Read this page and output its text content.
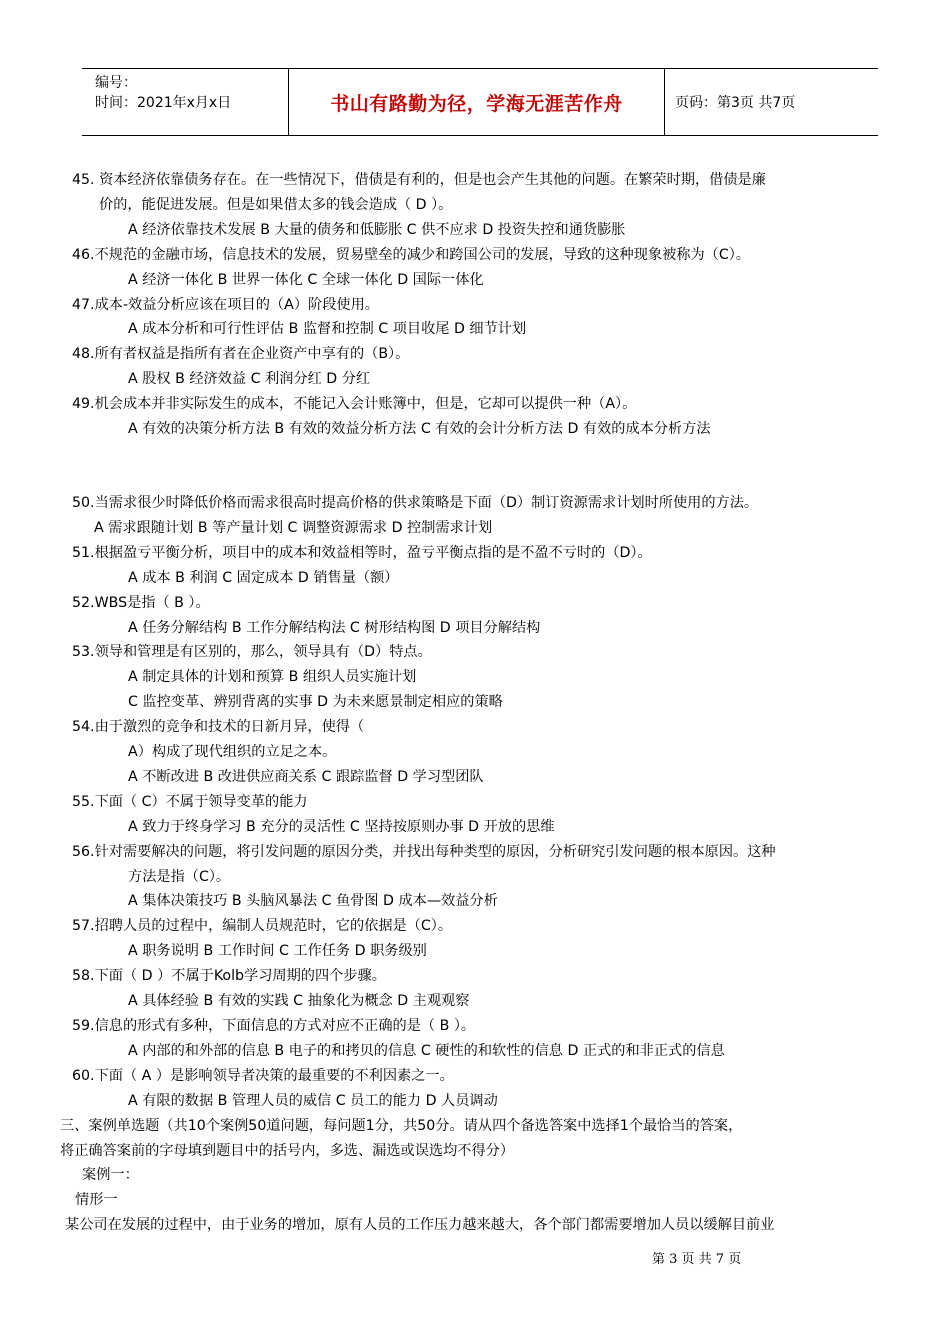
编号：
时间：2021年x月x日	书山有路勤为径，学海无涯苦作舟	页码：第3页 共7页
45. 资本经济依靠债务存在。在一些情况下，借债是有利的，但是也会产生其他的问题。在繁荣时期，借债是廉
价的，能促进发展。但是如果借太多的钱会造成（ D ）。
A 经济依靠技术发展 B 大量的债务和低膨胀 C 供不应求 D 投资失控和通货膨胀
46.不规范的金融市场，信息技术的发展，贸易壁垒的减少和跨国公司的发展，导致的这种现象被称为（C）。
A 经济一体化 B 世界一体化 C 全球一体化 D 国际一体化
47.成本-效益分析应该在项目的（A）阶段使用。
A 成本分析和可行性评估 B 监督和控制 C 项目收尾 D 细节计划
48.所有者权益是指所有者在企业资产中享有的（B）。
A 股权 B 经济效益 C 利润分红 D 分红
49.机会成本并非实际发生的成本，不能记入会计账簿中，但是，它却可以提供一种（A）。
A 有效的决策分析方法 B 有效的效益分析方法 C 有效的会计分析方法 D 有效的成本分析方法
50.当需求很少时降低价格而需求很高时提高价格的供求策略是下面（D）制订资源需求计划时所使用的方法。
A 需求跟随计划 B 等产量计划 C 调整资源需求 D 控制需求计划
51.根据盈亏平衡分析，项目中的成本和效益相等时，盈亏平衡点指的是不盈不亏时的（D）。
A 成本 B 利润 C 固定成本 D 销售量（额）
52.WBS是指（ B ）。
A 任务分解结构 B 工作分解结构法 C 树形结构图 D 项目分解结构
53.领导和管理是有区别的，那么，领导具有（D）特点。
A 制定具体的计划和预算 B 组织人员实施计划
C 监控变革、辨别背离的实事 D 为未来愿景制定相应的策略
54.由于激烈的竞争和技术的日新月异，使得（
A）构成了现代组织的立足之本。
A 不断改进 B 改进供应商关系 C 跟踪监督 D 学习型团队
55.下面（ C）不属于领导变革的能力
A 致力于终身学习 B 充分的灵活性 C 坚持按原则办事 D 开放的思维
56.针对需要解决的问题，将引发问题的原因分类，并找出每种类型的原因，分析研究引发问题的根本原因。这种
方法是指（C）。
A 集体决策技巧 B 头脑风暴法 C 鱼骨图 D 成本—效益分析
57.招聘人员的过程中，编制人员规范时，它的依据是（C）。
A 职务说明 B 工作时间 C 工作任务 D 职务级别
58.下面（ D ）不属于Kolb学习周期的四个步骤。
A 具体经验 B 有效的实践 C 抽象化为概念 D 主观观察
59.信息的形式有多种，下面信息的方式对应不正确的是（ B ）。
A 内部的和外部的信息 B 电子的和拷贝的信息 C 硬性的和软性的信息 D 正式的和非正式的信息
60.下面（ A ）是影响领导者决策的最重要的不利因素之一。
A 有限的数据 B 管理人员的威信 C 员工的能力 D 人员调动
三、案例单选题（共10个案例50道问题，每问题1分，共50分。请从四个备选答案中选择1个最恰当的答案，
将正确答案前的字母填到题目中的括号内，多选、漏选或误选均不得分）
案例一：
情形一
某公司在发展的过程中，由于业务的增加，原有人员的工作压力越来越大，各个部门都需要增加人员以缓解目前业
第 3 页 共 7 页
